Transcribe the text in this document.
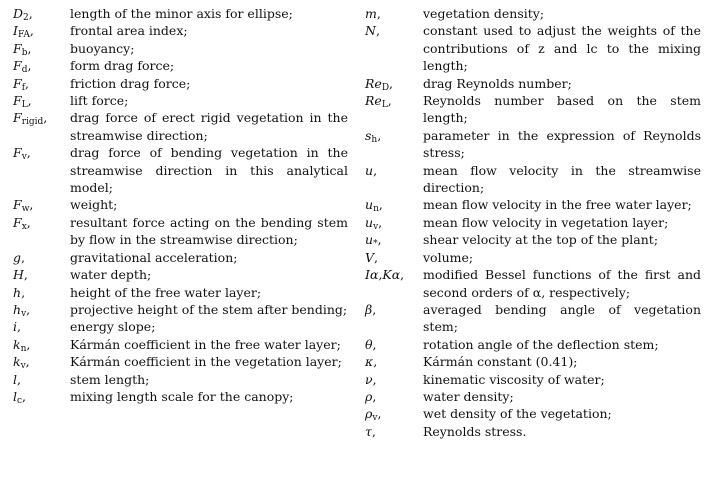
$D_2$,	length of the minor axis for ellipse;
$I_{FA}$,	frontal area index;
$F_b$,	buoyancy;
$F_d$,	form drag force;
$F_f$,	friction drag force;
$F_L$,	lift force;
$F_{rigid}$,	drag force of erect rigid vegetation in the streamwise direction;
$F_v$,	drag force of bending vegetation in the streamwise direction in this analytical model;
$F_w$,	weight;
$F_x$,	resultant force acting on the bending stem by flow in the streamwise direction;
g,	gravitational acceleration;
H,	water depth;
h,	height of the free water layer;
$h_v$,	projective height of the stem after bending;
i,	energy slope;
$k_n$,	Kármán coefficient in the free water layer;
$k_v$,	Kármán coefficient in the vegetation layer;
l,	stem length;
$l_c$,	mixing length scale for the canopy;
m,	vegetation density;
N,	constant used to adjust the weights of the contributions of z and lc to the mixing length;
$Re_D$,	drag Reynolds number;
$Re_L$,	Reynolds number based on the stem length;
$s_h$,	parameter in the expression of Reynolds stress;
u,	mean flow velocity in the streamwise direction;
$u_n$,	mean flow velocity in the free water layer;
$u_v$,	mean flow velocity in vegetation layer;
$u_*$,	shear velocity at the top of the plant;
V,	volume;
Iα,Kα,	modified Bessel functions of the first and second orders of α, respectively;
β,	averaged bending angle of vegetation stem;
θ,	rotation angle of the deflection stem;
κ,	Kármán constant (0.41);
ν,	kinematic viscosity of water;
ρ,	water density;
$\rho_v$,	wet density of the vegetation;
τ,	Reynolds stress.
